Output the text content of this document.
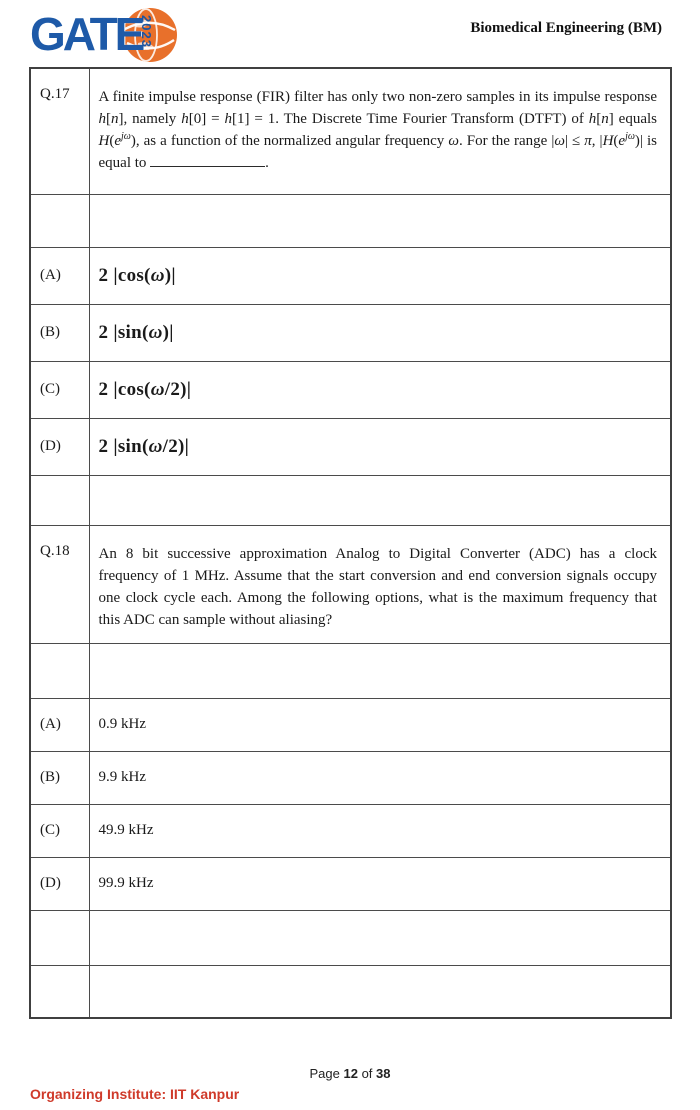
2023
GATE	Biomedical Engineering (BM)
Q.17	A finite impulse response (FIR) filter has only two non-zero samples in its impulse response h[n], namely h[0] = h[1] = 1. The Discrete Time Fourier Transform (DTFT) of h[n] equals $H(e^{j\omega})$, as a function of the normalized angular frequency ω. For the range |ω| ≤ π, $|H(e^{j\omega})|$ is equal to .

(A)	2 |cos(ω)|
(B)	2 |sin(ω)|
(C)	2 |cos(ω/2)|
(D)	2 |sin(ω/2)|

Q.18	An 8 bit successive approximation Analog to Digital Converter (ADC) has a clock frequency of 1 MHz. Assume that the start conversion and end conversion signals occupy one clock cycle each. Among the following options, what is the maximum frequency that this ADC can sample without aliasing?

(A)	0.9 kHz
(B)	9.9 kHz
(C)	49.9 kHz
(D)	99.9 kHz

Page 12 of 38
Organizing Institute: IIT Kanpur
